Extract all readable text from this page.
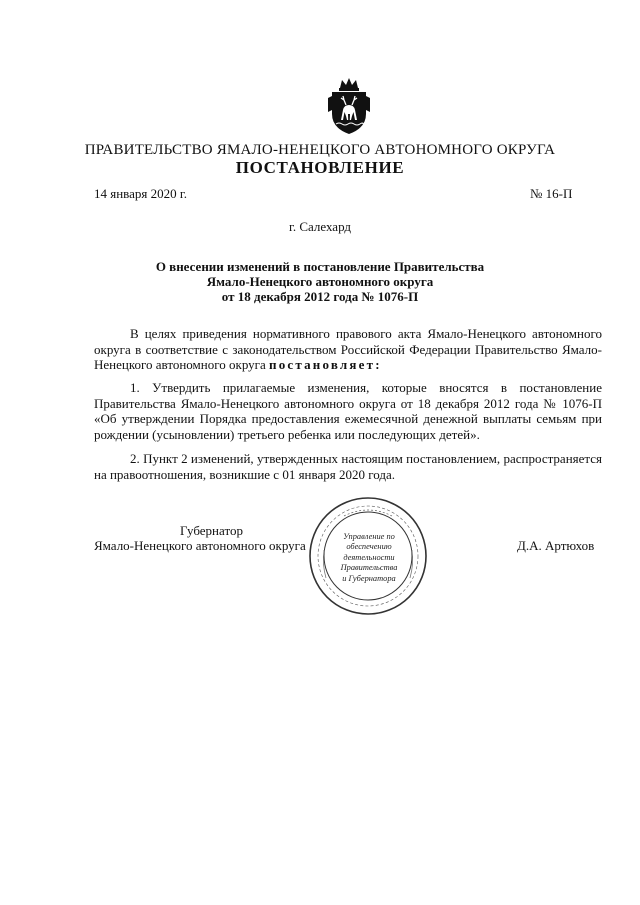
ПРАВИТЕЛЬСТВО ЯМАЛО-НЕНЕЦКОГО АВТОНОМНОГО ОКРУГА
ПОСТАНОВЛЕНИЕ
14 января 2020 г.	№ 16-П
г. Салехард
О внесении изменений в постановление Правительства
Ямало-Ненецкого автономного округа
от 18 декабря 2012 года № 1076-П
В целях приведения нормативного правового акта Ямало-Ненецкого автономного округа в соответствие с законодательством Российской Федерации Правительство Ямало-Ненецкого автономного округа постановляет:
1. Утвердить прилагаемые изменения, которые вносятся в постановление Правительства Ямало-Ненецкого автономного округа от 18 декабря 2012 года № 1076-П «Об утверждении Порядка предоставления ежемесячной денежной выплаты семьям при рождении (усыновлении) третьего ребенка или последующих детей».
2. Пункт 2 изменений, утвержденных настоящим постановлением, распространяется на правоотношения, возникшие с 01 января 2020 года.
Губернатор
Ямало-Ненецкого автономного округа	Д.А. Артюхов
Управление по
обеспечению
деятельности
Правительства
и Губернатора
